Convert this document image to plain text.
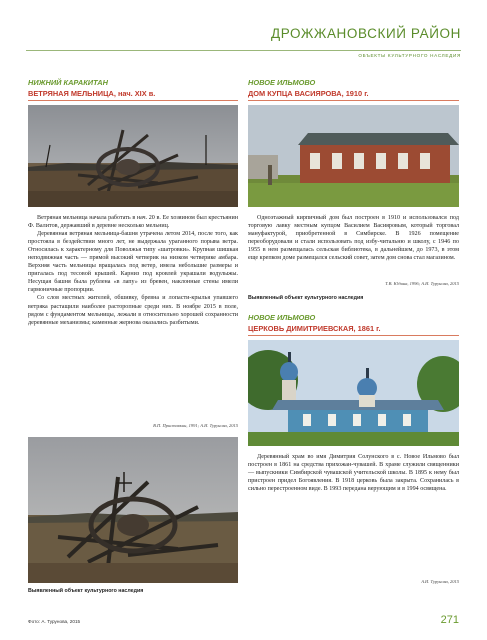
ДРОЖЖАНОВСКИЙ РАЙОН
ОБЪЕКТЫ КУЛЬТУРНОГО НАСЛЕДИЯ
НИЖНИЙ КАРАКИТАН
ВЕТРЯНАЯ МЕЛЬНИЦА, нач. XIX в.

Ветряная мельница начала работать в нач. 20 в. Ее хозяином был крестьянин Ф. Валитов, державший в деревне несколько мельниц.

Деревянная ветряная мельница-башня утрачена летом 2014, после того, как простояла в бездействии много лет, не выдержала ураганного порыва ветра. Относилась к характерному для Поволжья типу «шатровки». Крупная шишкая неподвижная часть — прямой высокий четверик на низком четверике амбара. Верхняя часть мельницы вращалась под ветер, имела небольшие размеры и пригалась под тесовой крышей. Карниз под кровлей украшали водулыжы. Несущая башня была рублена «в лапу» из бревен, наклонные стены имели гармоничные пропорции.

Со слов местных жителей, обшивку, бревна и лопасти-крылья упавшего ветряка растащили наиболее расторопные среди них. В ноябре 2015 в поле, рядом с фундаментом мельницы, лежали в относительно хорошей сохранности деревянные механизмы; каменные жернова оказались разбитыми.

В.П. Приставкин, 1991; А.И. Турунова, 2015
Выявленный объект культурного наследия
НОВОЕ ИЛЬМОВО
ДОМ КУПЦА ВАСИЯРОВА, 1910 г.

Одноэтажный кирпичный дом был построен в 1910 и использовался под торговую лавку местным купцом Василием Васияровым, который торговал мануфактурой, приобретенной в Симбирске. В 1926 помещение переоборудовали и стали использовать под избу-читальню и школу, с 1946 по 1955 в нем размещалась сельская библиотека, в дальнейшем, до 1973, в этом еще крепком доме размещался сельский совет, затем дом снова стал магазином.

Т.В. Юдина, 1996; А.И. Турунова, 2015
Выявленный объект культурного наследия
НОВОЕ ИЛЬМОВО
ЦЕРКОВЬ ДИМИТРИЕВСКАЯ, 1861 г.

Деревянный храм во имя Димитрия Солунского в с. Новое Ильмово был построен в 1861 на средства прихожан-чувашей. В храме служили священники — выпускники Симбирской чувашской учительской школы. В 1895 к нему был пристроен придел Богоявления. В 1918 церковь была закрыта. Сохранилась в сильно перестроенном виде. В 1993 передана верующим и в 1994 освящена.

А.И. Турунова, 2015
Фото: А. Турунова, 2015	271
